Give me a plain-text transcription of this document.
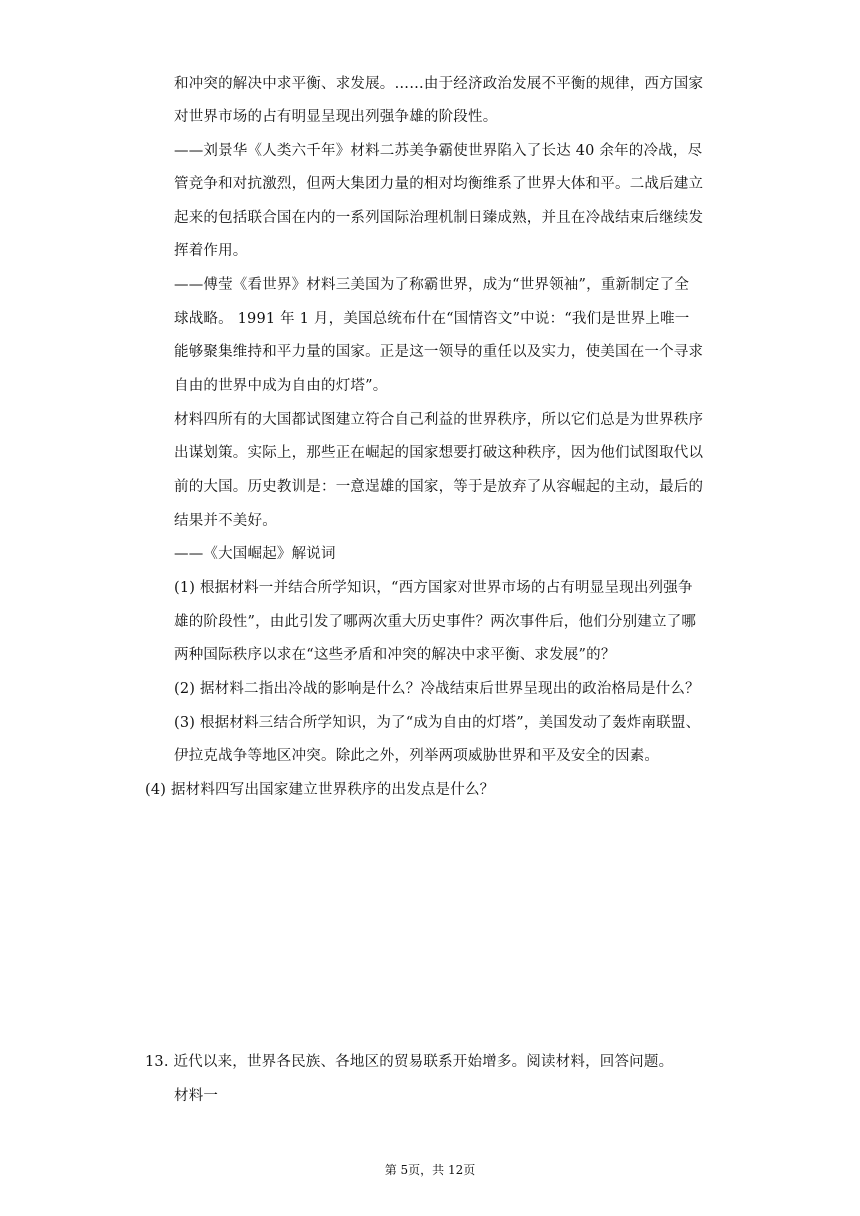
和冲突的解决中求平衡、求发展。……由于经济政治发展不平衡的规律，西方国家
对世界市场的占有明显呈现出列强争雄的阶段性。
——刘景华《人类六千年》材料二苏美争霸使世界陷入了长达 40 余年的冷战，尽
管竞争和对抗激烈，但两大集团力量的相对均衡维系了世界大体和平。二战后建立
起来的包括联合国在内的一系列国际治理机制日臻成熟，并且在冷战结束后继续发
挥着作用。
——傅莹《看世界》材料三美国为了称霸世界，成为“世界领袖”，重新制定了全
球战略。 1991 年 1 月，美国总统布什在“国情咨文”中说：“我们是世界上唯一
能够聚集维持和平力量的国家。正是这一领导的重任以及实力，使美国在一个寻求
自由的世界中成为自由的灯塔”。
材料四所有的大国都试图建立符合自己利益的世界秩序，所以它们总是为世界秩序
出谋划策。实际上，那些正在崛起的国家想要打破这种秩序，因为他们试图取代以
前的大国。历史教训是：一意逞雄的国家，等于是放弃了从容崛起的主动，最后的
结果并不美好。
——《大国崛起》解说词
(1) 根据材料一并结合所学知识，“西方国家对世界市场的占有明显呈现出列强争
雄的阶段性”，由此引发了哪两次重大历史事件？两次事件后，他们分别建立了哪
两种国际秩序以求在“这些矛盾和冲突的解决中求平衡、求发展”的？
(2) 据材料二指出冷战的影响是什么？冷战结束后世界呈现出的政治格局是什么？
(3) 根据材料三结合所学知识，为了“成为自由的灯塔”，美国发动了轰炸南联盟、
伊拉克战争等地区冲突。除此之外，列举两项威胁世界和平及安全的因素。
(4) 据材料四写出国家建立世界秩序的出发点是什么？
13. 近代以来，世界各民族、各地区的贸易联系开始增多。阅读材料，回答问题。
材料一
第 5页，共 12页
